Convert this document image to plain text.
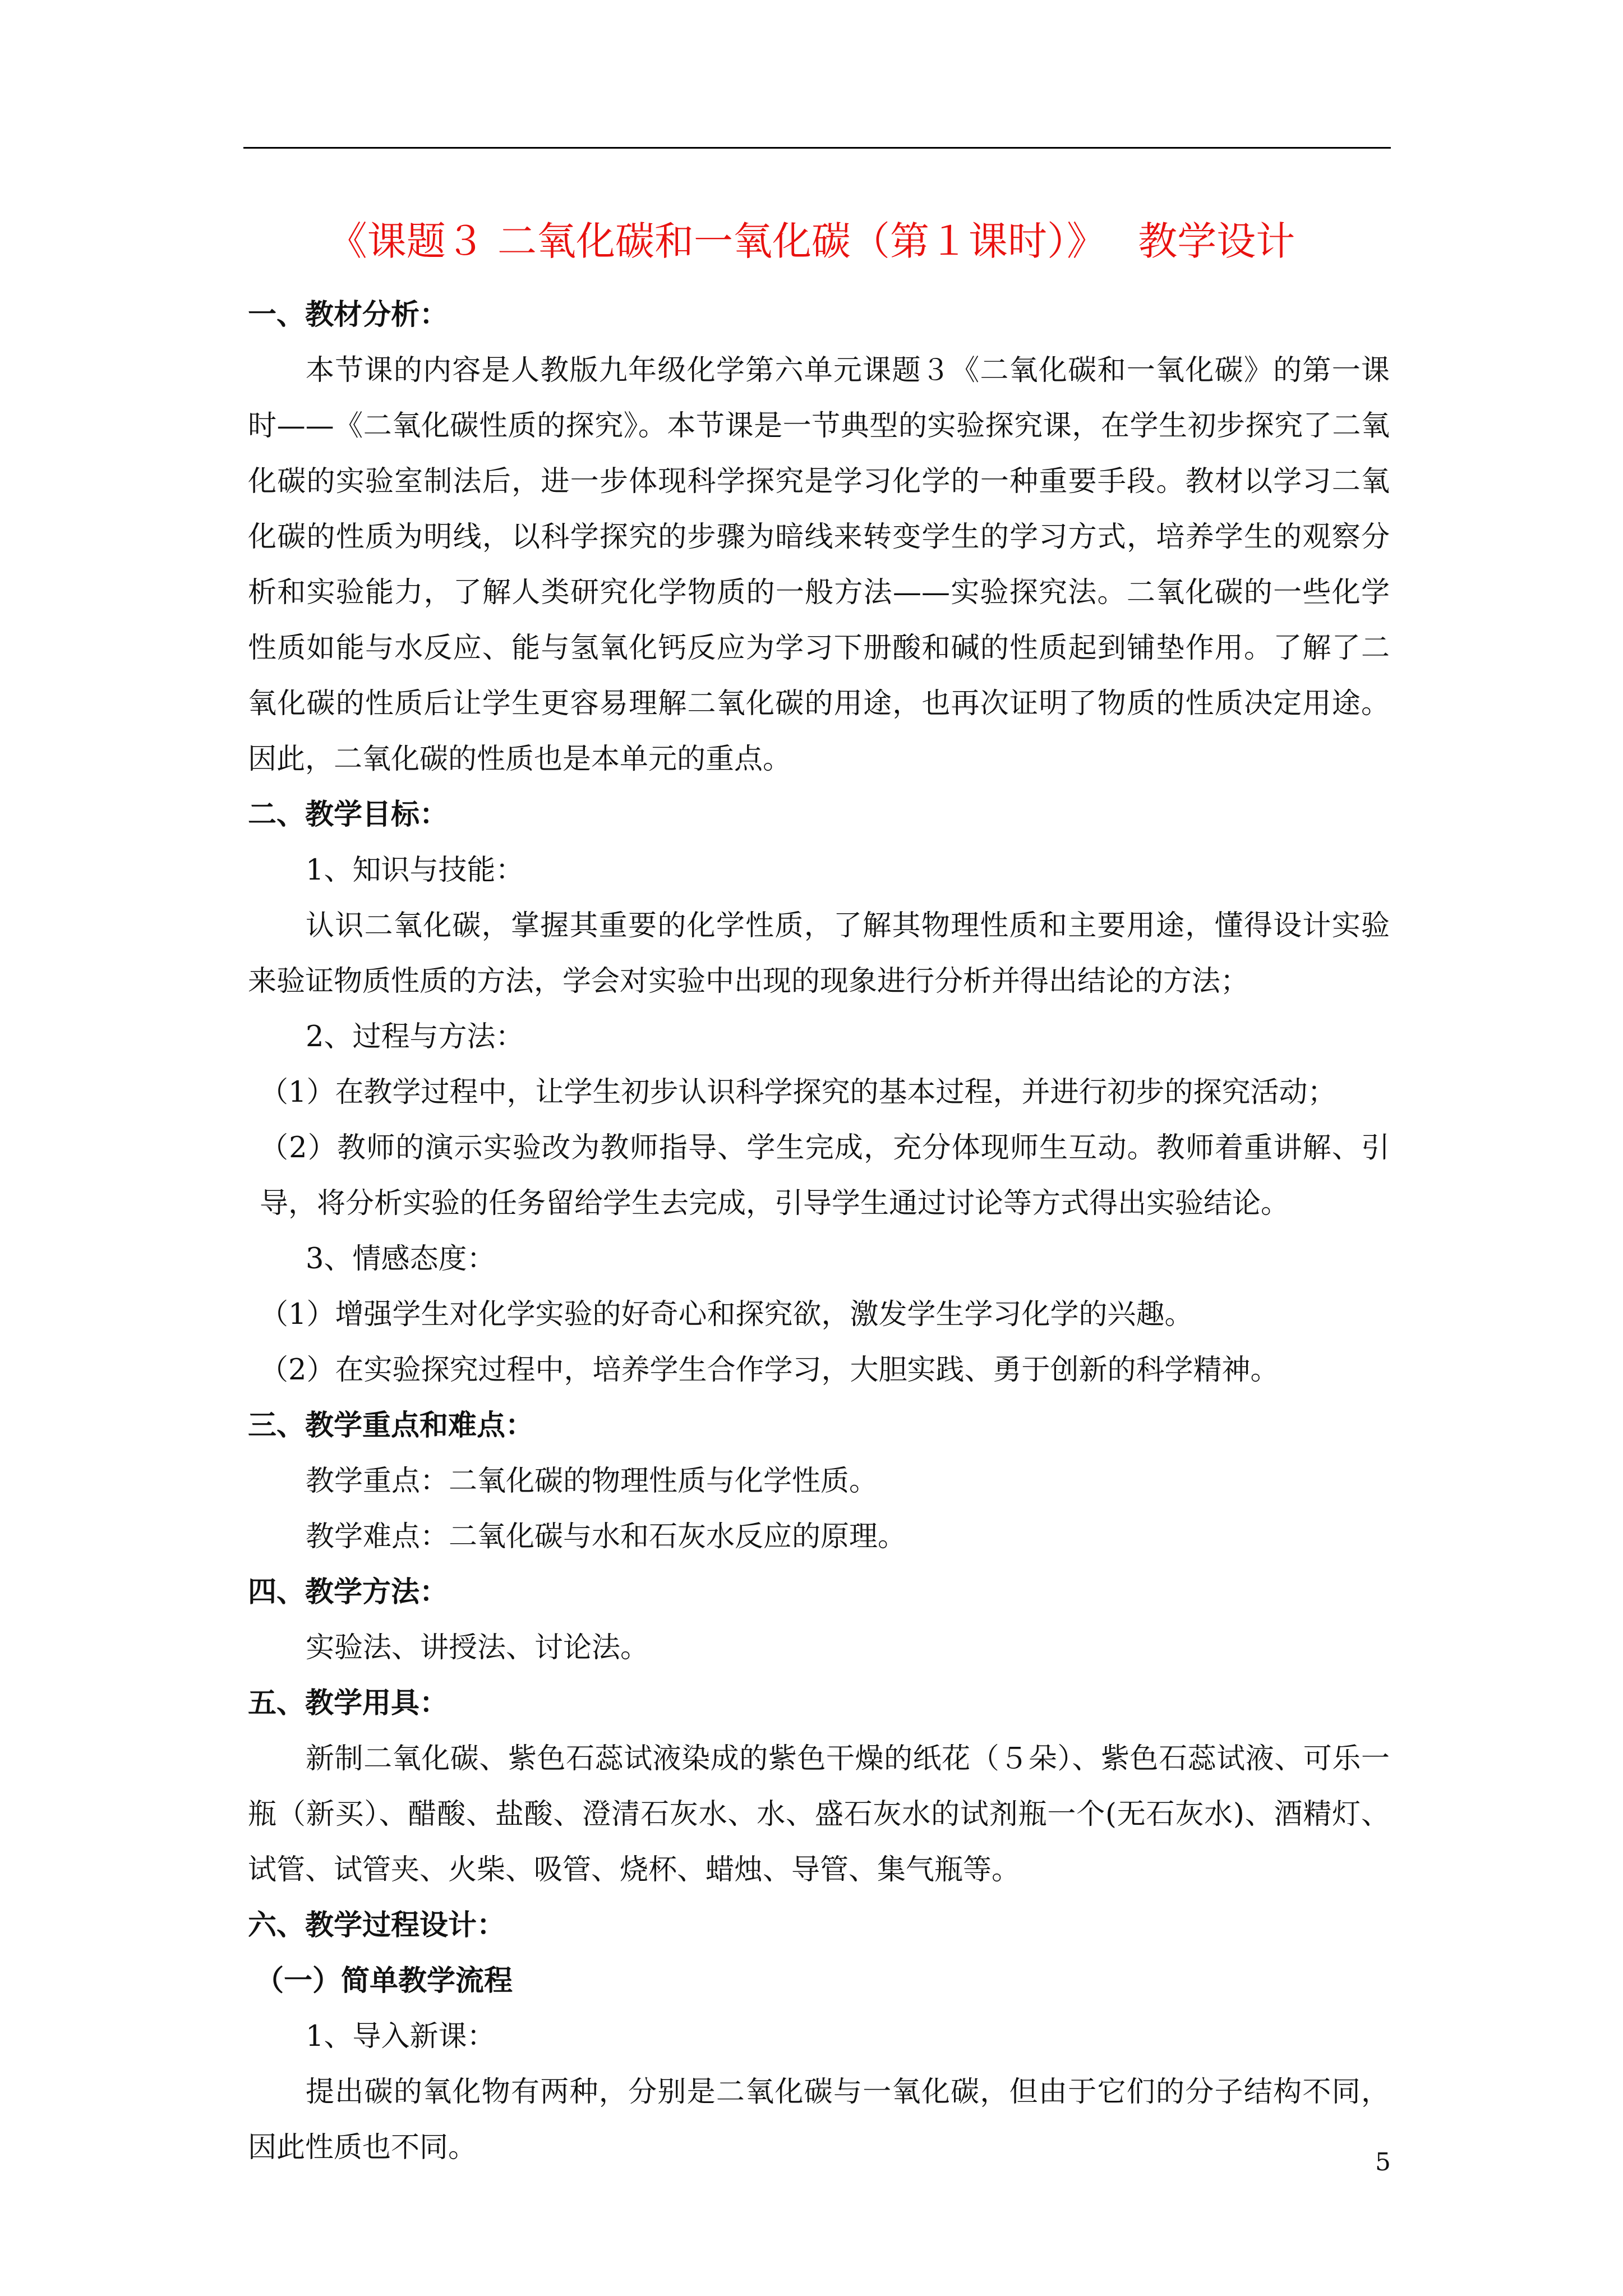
《课题３ 二氧化碳和一氧化碳（第１课时）》　 教学设计

一、教材分析：

本节课的内容是人教版九年级化学第六单元课题３《二氧化碳和一氧化碳》的第一课时——《二氧化碳性质的探究》。本节课是一节典型的实验探究课，在学生初步探究了二氧化碳的实验室制法后，进一步体现科学探究是学习化学的一种重要手段。教材以学习二氧化碳的性质为明线，以科学探究的步骤为暗线来转变学生的学习方式，培养学生的观察分析和实验能力，了解人类研究化学物质的一般方法——实验探究法。二氧化碳的一些化学性质如能与水反应、能与氢氧化钙反应为学习下册酸和碱的性质起到铺垫作用。了解了二氧化碳的性质后让学生更容易理解二氧化碳的用途，也再次证明了物质的性质决定用途。因此，二氧化碳的性质也是本单元的重点。

二、教学目标：

1、知识与技能：

认识二氧化碳，掌握其重要的化学性质，了解其物理性质和主要用途，懂得设计实验来验证物质性质的方法，学会对实验中出现的现象进行分析并得出结论的方法；

2、过程与方法：

（1）在教学过程中，让学生初步认识科学探究的基本过程，并进行初步的探究活动；

（2）教师的演示实验改为教师指导、学生完成，充分体现师生互动。教师着重讲解、引导，将分析实验的任务留给学生去完成，引导学生通过讨论等方式得出实验结论。

3、情感态度：

（1）增强学生对化学实验的好奇心和探究欲，激发学生学习化学的兴趣。

（2）在实验探究过程中，培养学生合作学习，大胆实践、勇于创新的科学精神。

三、教学重点和难点：

教学重点：二氧化碳的物理性质与化学性质。

教学难点：二氧化碳与水和石灰水反应的原理。

四、教学方法：

实验法、讲授法、讨论法。

五、教学用具：

新制二氧化碳、紫色石蕊试液染成的紫色干燥的纸花（５朵）、紫色石蕊试液、可乐一瓶（新买）、醋酸、盐酸、澄清石灰水、水、盛石灰水的试剂瓶一个(无石灰水)、酒精灯、试管、试管夹、火柴、吸管、烧杯、蜡烛、导管、集气瓶等。

六、教学过程设计：

（一）简单教学流程

1、导入新课：

提出碳的氧化物有两种，分别是二氧化碳与一氧化碳，但由于它们的分子结构不同，因此性质也不同。	5
